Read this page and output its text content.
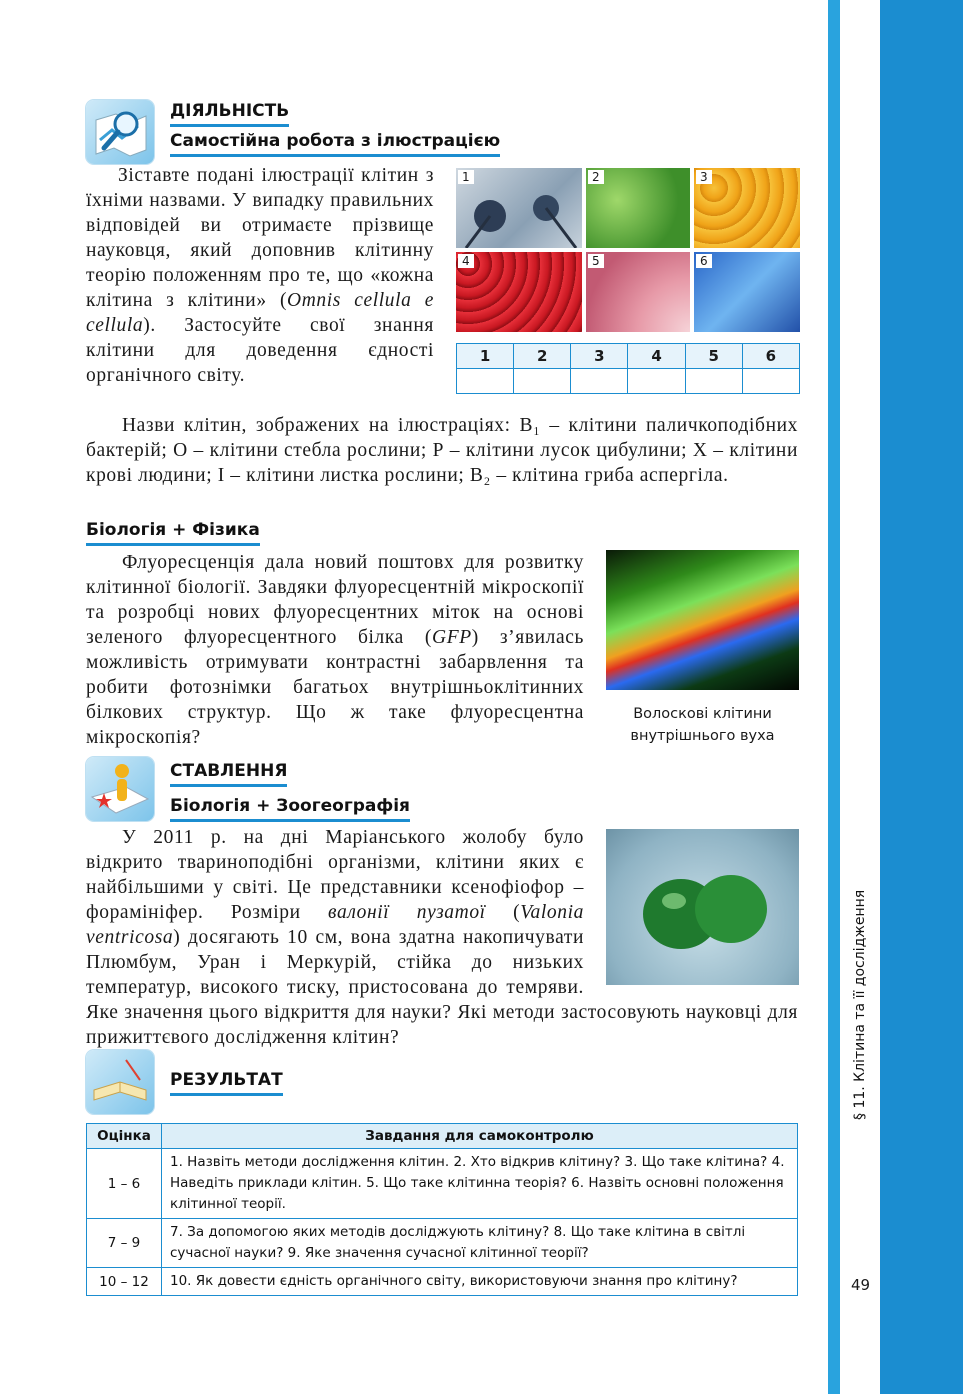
§ 11. Клітина та її дослідження
49
ДІЯЛЬНІСТЬ
Самостійна робота з ілюстрацією
Зіставте подані ілюстрації клітин з їхніми назвами. У випадку правильних відповідей ви отримаєте прізвище науковця, який доповнив клітинну теорію положенням про те, що «кожна клітина з клітини» (Omnis cellula e cellula). Застосуйте свої знання клітини для доведення єдності органічного світу.
1	2	3
4	5	6
1	2	3	4	5	6

Назви клітин, зображених на ілюстраціях: В₁ – клітини паличкоподібних бактерій; О – клітини стебла рослини; Р – клітини лусок цибулини; Х – клітини крові людини; І – клітини листка рослини; В₂ – клітина гриба аспергіла.
Біологія + Фізика
Флуоресценція дала новий поштовх для розвитку клітинної біології. Завдяки флуоресцентній мікроскопії та розробці нових флуоресцентних міток на основі зеленого флуоресцентного білка (GFP) з’явилась можливість отримувати контрастні забарвлення та робити фотознімки багатьох внутрішньоклітинних білкових структур. Що ж таке флуоресцентна мікроскопія?
Волоскові клітини
внутрішнього вуха
СТАВЛЕННЯ
Біологія + Зоогеографія
У 2011 р. на дні Маріанського жолобу було відкрито твариноподібні організми, клітини яких є найбільшими у світі. Це представники ксенофіофор – форамініфер. Розміри валонії пузатої (Valonia ventricosa) досягають 10 см, вона здатна накопичувати Плюмбум, Уран і Меркурій, стійка до низьких температур, високого тиску, пристосована до темряви. Яке значення цього відкриття для науки? Які методи застосовують науковці для прижиттєвого дослідження клітин?
РЕЗУЛЬТАТ
Оцінка	Завдання для самоконтролю
1 – 6	1. Назвіть методи дослідження клітин. 2. Хто відкрив клітину? 3. Що таке клітина? 4. Наведіть приклади клітин. 5. Що таке клітинна теорія? 6. Назвіть основні положення клітинної теорії.
7 – 9	7. За допомогою яких методів досліджують клітину? 8. Що таке клітина в світлі сучасної науки? 9. Яке значення сучасної клітинної теорії?
10 – 12	10. Як довести єдність органічного світу, використовуючи знання про клітину?
